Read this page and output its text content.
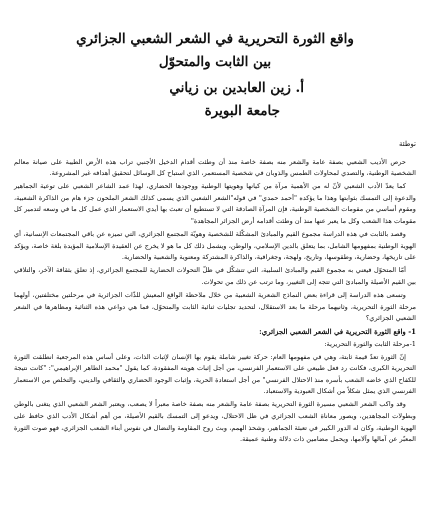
واقع الثورة التحريرية في الشعر الشعبي الجزائري
بين الثابت والمتحوّل
أ. زين العابدين بن زياني
جامعة البويرة

توطئة

حرص الأديب الشعبي بصفة عامة والشعر منه بصفة خاصة منذ أن وطئت أقدام الدخيل الأجنبي تراب هذه الأرض الطيبة على صيانة معالم الشخصية الوطنية، والتصدي لمحاولات الطمس والذوبان في شخصية المستعمر، الذي استباح كل الوسائل لتحقيق أهدافه غير المشروعة.

كما يعدّ الأدب الشعبي لأنّ له من الأهمية مرآة من كيانها وهويتها الوطنية ووجودها الحضاري، لهذا عمد الشاعر الشعبي على توعية الجماهير والدعوة إلى التمسك بثوابتها وهذا ما يؤكده "أحمد حمدي" في قوله"الشعر الشعبي الذي يسمى كذلك الشعر الملحون جزء هام من الذاكرة الشعبية، ومقوم أساسي من مقومات الشخصية الوطنية، فإن المرآة الصادقة التي لا تستطيع أن تعبث بها أيدي الاستعمار الذي عمل كل ما في وسعه لتدمير كل مقومات هذا الشعب وكل ما يعبر عنها منذ أن وطئت أقدامه أرض الجزائر المجاهدة"

وقصد بالثابت في هذه الدراسة مجموع القيم والمبادئ المشكّلة للشخصية وهويّة المجتمع الجزائري، التي تميزه عن باقي المجتمعات الإنسانية، أي الهوية الوطنية بمفهومها الشامل، بما يتعلق بالدين الإسلامي، والوطن، ويشمل ذلك كل ما هو لا يخرج عن العقيدة الإسلامية المؤيدة بلغة خاصة، ويؤكد على تاريخها، وحضارية، وطقوسها، وتاريخ، ولهجة، وجغرافية، والذاكرة المشتركة ومعنوية والشعبية والحضارية.

أمّا المتحوّل فيعني به مجموع القيم والمبادئ السلبية، التي تتشكّل في ظلّ التحولات الحضارية للمجتمع الجزائري، إذ تعلق بثقافة الآخر، والتلاقي بين القيم الأصيلة والمبادئ التي تتجه إلى التغيير، وما ترتب عن ذلك من تحولات.

وتسعى هذه الدراسة إلى قراءة بعض النماذج الشعرية الشعبية من خلال ملاحظة الواقع المعيش للذّات الجزائرية في مرحلتين مختلفتين، أولهما مرحلة الثورة التحريرية، وثانيهما مرحلة ما بعد الاستقلال، لتحديد تجليات ثنائية الثابت والمتحوّل، فما هي دواعي هذه الثنائية ومظاهرها في الشعر الشعبي الجزائري؟

1- واقع الثورة التحريرية في الشعر الشعبي الجزائري:

1-مرحلة الثابت والثورة التحريرية:

إنّ الثورة تعدّ قيمة ثابتة، وهي في مفهومها العام: حركة تغيير شاملة يقوم بها الإنسان لإثبات الذات، وعلى أساس هذه المرجعية انطلقت الثورة التحريرية الكبرى، فكانت رد فعل طبيعي على الاستعمار الفرنسي، من أجل إثبات هويته المفقودة، كما يقول "محمد الطاهر الإبراهيمي": "كانت نتيجة للكفاح الذي خاضه الشعب بأسره منذ الاحتلال الفرنسي" من أجل استعادة الحرية، وإثبات الوجود الحضاري والثقافي والديني، والتخلص من الاستعمار الفرنسي الذي يمثل شكلاً من أشكال العبودية والاستعباد.

وقد واكب الشعر الشعبي مسيرة الثورة التحريرية بصفة عامة والشعر منه بصفة خاصة معبراً لا يصعب، ويعتبر الشعر الشعبي الذي يتغنى بالوطن وبطولات المجاهدين، ويصور معاناة الشعب الجزائري في ظل الاحتلال، ويدعو إلى التمسك بالقيم الأصيلة، من أهم أشكال الأدب الذي حافظ على الهوية الوطنية، وكان له الدور الكبير في تعبئة الجماهير، وشحذ الهمم، وبث روح المقاومة والنضال في نفوس أبناء الشعب الجزائري، فهو صوت الثورة المعبّر عن آمالها وآلامها، ويحمل مضامين ذات دلالة وطنية عميقة.
